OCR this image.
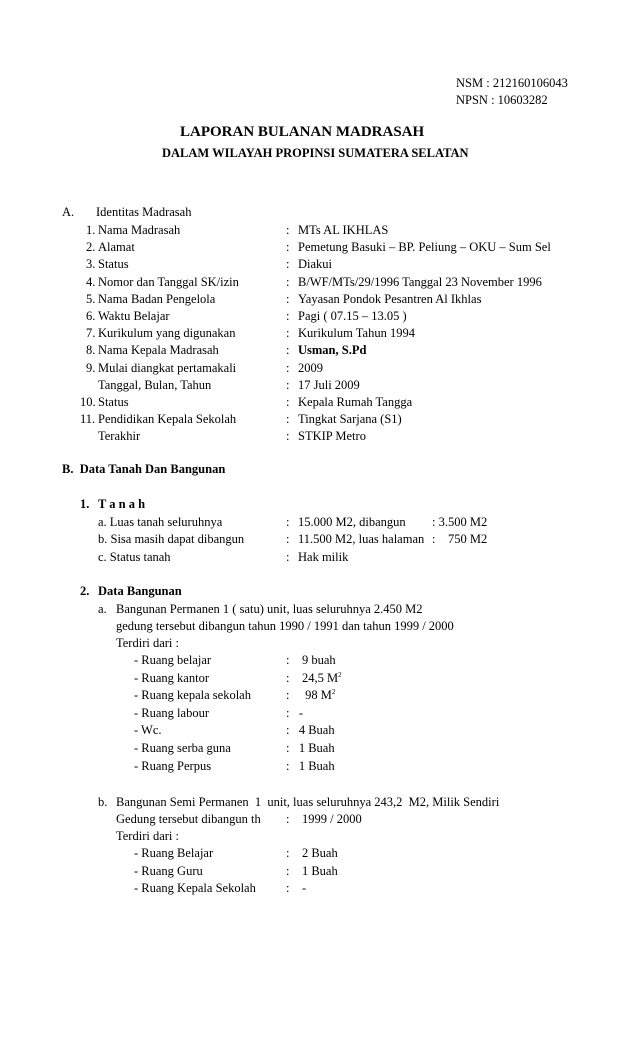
NSM : 212160106043
NPSN : 10603282
LAPORAN BULANAN MADRASAH
DALAM WILAYAH PROPINSI SUMATERA SELATAN
A. Identitas Madrasah
1. Nama Madrasah	: MTs AL IKHLAS
2. Alamat	: Pemetung Basuki – BP. Peliung – OKU – Sum Sel
3. Status	: Diakui
4. Nomor dan Tanggal SK/izin	: B/WF/MTs/29/1996 Tanggal 23 November 1996
5. Nama Badan Pengelola	: Yayasan Pondok Pesantren Al Ikhlas
6. Waktu Belajar	: Pagi ( 07.15 – 13.05 )
7. Kurikulum yang digunakan	: Kurikulum Tahun 1994
8. Nama Kepala Madrasah	: Usman, S.Pd
9. Mulai diangkat pertamakali	: 2009
Tanggal, Bulan, Tahun	: 17 Juli 2009
10. Status	: Kepala Rumah Tangga
11. Pendidikan Kepala Sekolah	: Tingkat Sarjana (S1)
Terakhir	: STKIP Metro
B.  Data Tanah Dan Bangunan
1. T a n a h
a. Luas tanah seluruhnya	: 15.000 M2, dibangun : 3.500 M2
b. Sisa masih dapat dibangun	: 11.500 M2, luas halaman :    750 M2
c. Status tanah	: Hak milik
2. Data Bangunan
a. Bangunan Permanen 1 ( satu) unit, luas seluruhnya 2.450 M2
gedung tersebut dibangun tahun 1990 / 1991 dan tahun 1999 / 2000
Terdiri dari :
- Ruang belajar	:    9 buah
- Ruang kantor	:    24,5 $M^2$
- Ruang kepala sekolah	:     98 $M^2$
- Ruang labour	:   -
- Wc.	:   4 Buah
- Ruang serba guna	:   1 Buah
- Ruang Perpus	:   1 Buah
b. Bangunan Semi Permanen  1  unit, luas seluruhnya 243,2  M2, Milik Sendiri
Gedung tersebut dibangun th :    1999 / 2000
Terdiri dari :
- Ruang Belajar	:    2 Buah
- Ruang Guru	:    1 Buah
- Ruang Kepala Sekolah :    -
